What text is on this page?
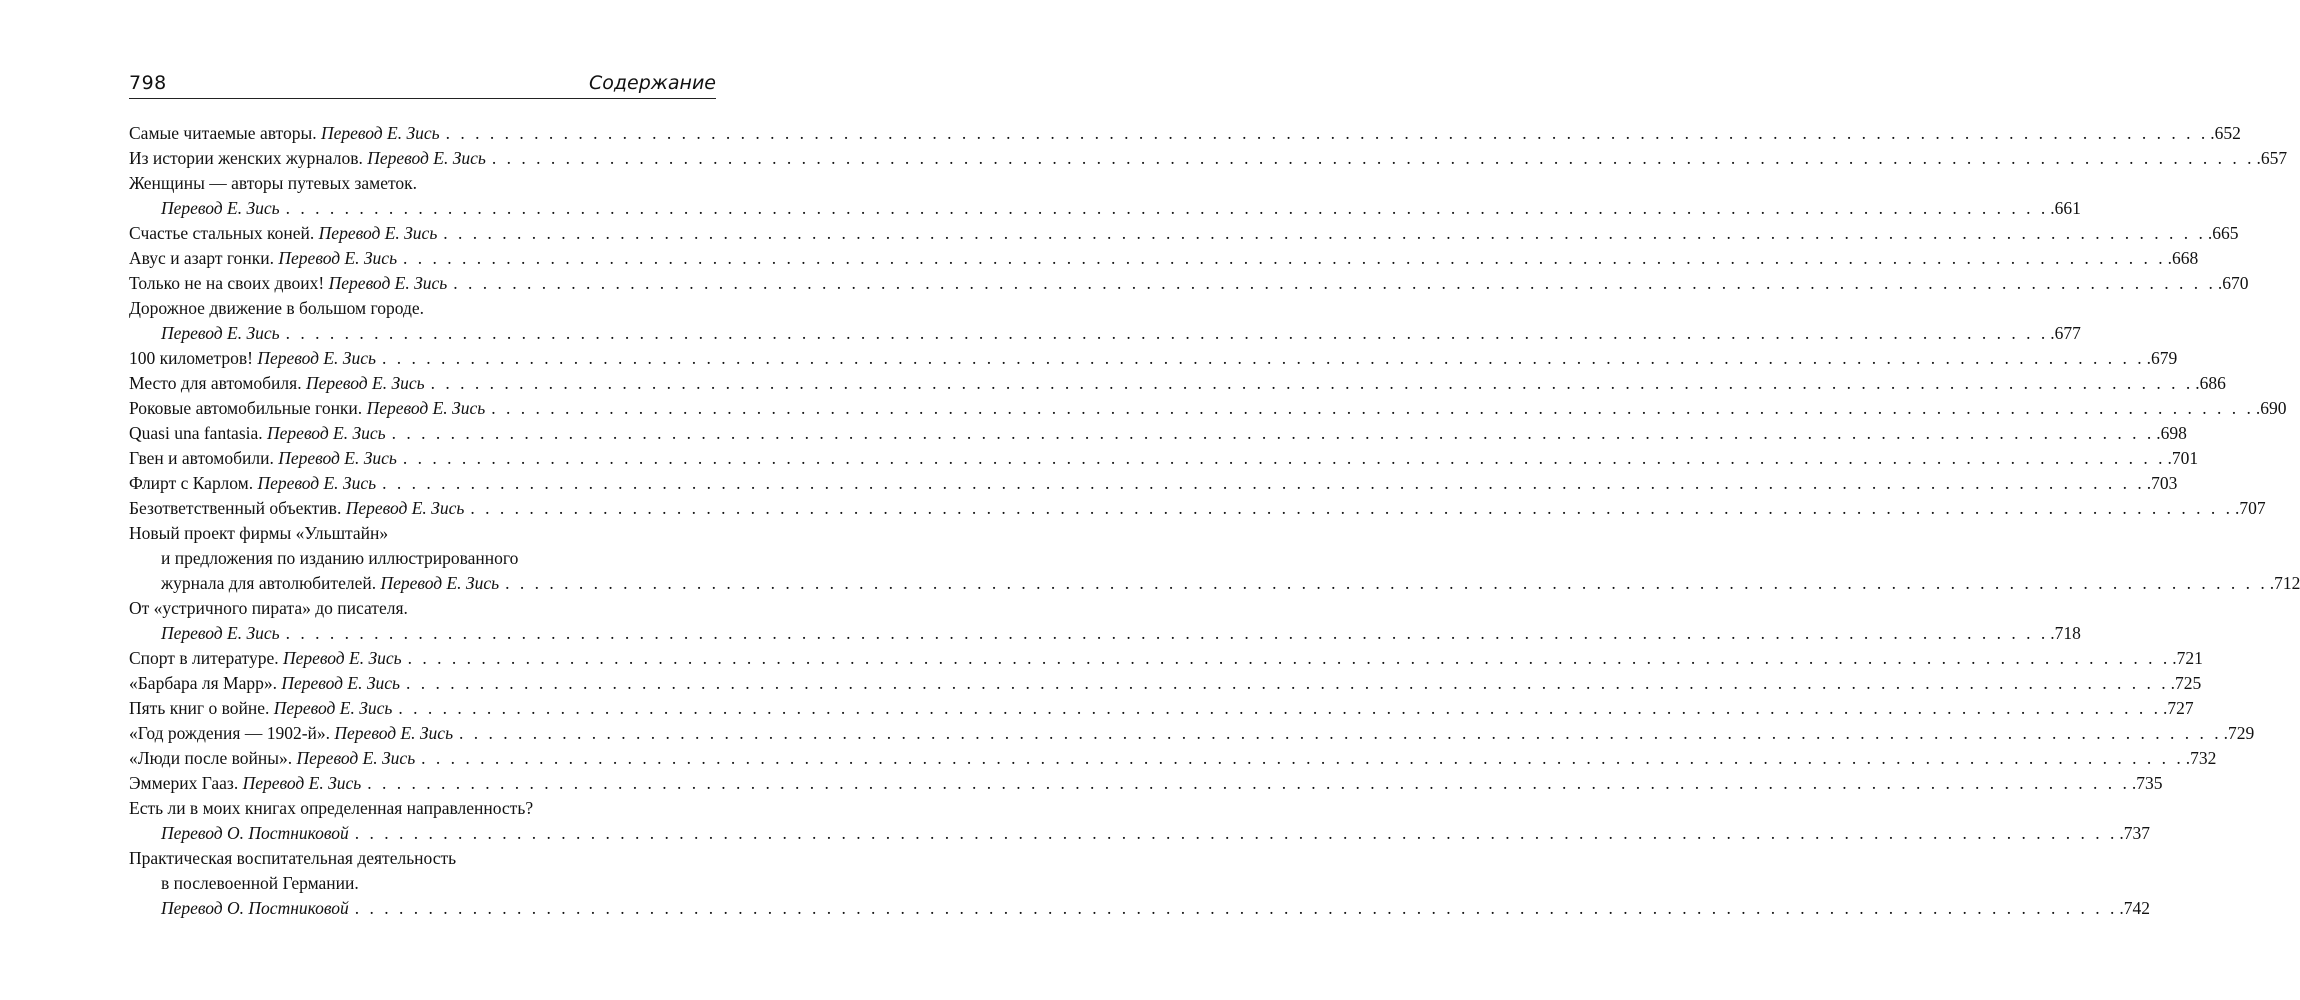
798	Содержание
Самые читаемые авторы. Перевод Е. Зись . . . . . . . . . . . . . . . . . . . . . . . . . . . . . . . . . . . . . . . . . . . . . . . . . . . . . . . . . . . . . . . . . . . . . . . . . . . . . . . . . . . . . . . . . . . . . . . . . . . . . . . . . . . . . . . . . . . . . . . . .652
Из истории женских журналов. Перевод Е. Зись . . . . . . . . . . . . . . . . . . . . . . . . . . . . . . . . . . . . . . . . . . . . . . . . . . . . . . . . . . . . . . . . . . . . . . . . . . . . . . . . . . . . . . . . . . . . . . . . . . . . . . . . . . . . . . . . . . . . . . . . .657
Женщины — авторы путевых заметок.
Перевод Е. Зись . . . . . . . . . . . . . . . . . . . . . . . . . . . . . . . . . . . . . . . . . . . . . . . . . . . . . . . . . . . . . . . . . . . . . . . . . . . . . . . . . . . . . . . . . . . . . . . . . . . . . . . . . . . . . . . . . . . . . . . . .661
Счастье стальных коней. Перевод Е. Зись . . . . . . . . . . . . . . . . . . . . . . . . . . . . . . . . . . . . . . . . . . . . . . . . . . . . . . . . . . . . . . . . . . . . . . . . . . . . . . . . . . . . . . . . . . . . . . . . . . . . . . . . . . . . . . . . . . . . . . . . .665
Авус и азарт гонки. Перевод Е. Зись . . . . . . . . . . . . . . . . . . . . . . . . . . . . . . . . . . . . . . . . . . . . . . . . . . . . . . . . . . . . . . . . . . . . . . . . . . . . . . . . . . . . . . . . . . . . . . . . . . . . . . . . . . . . . . . . . . . . . . . . .668
Только не на своих двоих! Перевод Е. Зись . . . . . . . . . . . . . . . . . . . . . . . . . . . . . . . . . . . . . . . . . . . . . . . . . . . . . . . . . . . . . . . . . . . . . . . . . . . . . . . . . . . . . . . . . . . . . . . . . . . . . . . . . . . . . . . . . . . . . . . . .670
Дорожное движение в большом городе.
Перевод Е. Зись . . . . . . . . . . . . . . . . . . . . . . . . . . . . . . . . . . . . . . . . . . . . . . . . . . . . . . . . . . . . . . . . . . . . . . . . . . . . . . . . . . . . . . . . . . . . . . . . . . . . . . . . . . . . . . . . . . . . . . . . .677
100 километров! Перевод Е. Зись . . . . . . . . . . . . . . . . . . . . . . . . . . . . . . . . . . . . . . . . . . . . . . . . . . . . . . . . . . . . . . . . . . . . . . . . . . . . . . . . . . . . . . . . . . . . . . . . . . . . . . . . . . . . . . . . . . . . . . . . .679
Место для автомобиля. Перевод Е. Зись . . . . . . . . . . . . . . . . . . . . . . . . . . . . . . . . . . . . . . . . . . . . . . . . . . . . . . . . . . . . . . . . . . . . . . . . . . . . . . . . . . . . . . . . . . . . . . . . . . . . . . . . . . . . . . . . . . . . . . . . .686
Роковые автомобильные гонки. Перевод Е. Зись . . . . . . . . . . . . . . . . . . . . . . . . . . . . . . . . . . . . . . . . . . . . . . . . . . . . . . . . . . . . . . . . . . . . . . . . . . . . . . . . . . . . . . . . . . . . . . . . . . . . . . . . . . . . . . . . . . . . . . . . .690
Quasi una fantasia. Перевод Е. Зись . . . . . . . . . . . . . . . . . . . . . . . . . . . . . . . . . . . . . . . . . . . . . . . . . . . . . . . . . . . . . . . . . . . . . . . . . . . . . . . . . . . . . . . . . . . . . . . . . . . . . . . . . . . . . . . . . . . . . . . . .698
Гвен и автомобили. Перевод Е. Зись . . . . . . . . . . . . . . . . . . . . . . . . . . . . . . . . . . . . . . . . . . . . . . . . . . . . . . . . . . . . . . . . . . . . . . . . . . . . . . . . . . . . . . . . . . . . . . . . . . . . . . . . . . . . . . . . . . . . . . . . .701
Флирт с Карлом. Перевод Е. Зись . . . . . . . . . . . . . . . . . . . . . . . . . . . . . . . . . . . . . . . . . . . . . . . . . . . . . . . . . . . . . . . . . . . . . . . . . . . . . . . . . . . . . . . . . . . . . . . . . . . . . . . . . . . . . . . . . . . . . . . . .703
Безответственный объектив. Перевод Е. Зись . . . . . . . . . . . . . . . . . . . . . . . . . . . . . . . . . . . . . . . . . . . . . . . . . . . . . . . . . . . . . . . . . . . . . . . . . . . . . . . . . . . . . . . . . . . . . . . . . . . . . . . . . . . . . . . . . . . . . . . . .707
Новый проект фирмы «Ульштайн»
и предложения по изданию иллюстрированного
журнала для автолюбителей. Перевод Е. Зись . . . . . . . . . . . . . . . . . . . . . . . . . . . . . . . . . . . . . . . . . . . . . . . . . . . . . . . . . . . . . . . . . . . . . . . . . . . . . . . . . . . . . . . . . . . . . . . . . . . . . . . . . . . . . . . . . . . . . . . . .712
От «устричного пирата» до писателя.
Перевод Е. Зись . . . . . . . . . . . . . . . . . . . . . . . . . . . . . . . . . . . . . . . . . . . . . . . . . . . . . . . . . . . . . . . . . . . . . . . . . . . . . . . . . . . . . . . . . . . . . . . . . . . . . . . . . . . . . . . . . . . . . . . . .718
Спорт в литературе. Перевод Е. Зись . . . . . . . . . . . . . . . . . . . . . . . . . . . . . . . . . . . . . . . . . . . . . . . . . . . . . . . . . . . . . . . . . . . . . . . . . . . . . . . . . . . . . . . . . . . . . . . . . . . . . . . . . . . . . . . . . . . . . . . . .721
«Барбара ля Марр». Перевод Е. Зись . . . . . . . . . . . . . . . . . . . . . . . . . . . . . . . . . . . . . . . . . . . . . . . . . . . . . . . . . . . . . . . . . . . . . . . . . . . . . . . . . . . . . . . . . . . . . . . . . . . . . . . . . . . . . . . . . . . . . . . . .725
Пять книг о войне. Перевод Е. Зись . . . . . . . . . . . . . . . . . . . . . . . . . . . . . . . . . . . . . . . . . . . . . . . . . . . . . . . . . . . . . . . . . . . . . . . . . . . . . . . . . . . . . . . . . . . . . . . . . . . . . . . . . . . . . . . . . . . . . . . . .727
«Год рождения — 1902-й». Перевод Е. Зись . . . . . . . . . . . . . . . . . . . . . . . . . . . . . . . . . . . . . . . . . . . . . . . . . . . . . . . . . . . . . . . . . . . . . . . . . . . . . . . . . . . . . . . . . . . . . . . . . . . . . . . . . . . . . . . . . . . . . . . . .729
«Люди после войны». Перевод Е. Зись . . . . . . . . . . . . . . . . . . . . . . . . . . . . . . . . . . . . . . . . . . . . . . . . . . . . . . . . . . . . . . . . . . . . . . . . . . . . . . . . . . . . . . . . . . . . . . . . . . . . . . . . . . . . . . . . . . . . . . . . .732
Эммерих Гааз. Перевод Е. Зись . . . . . . . . . . . . . . . . . . . . . . . . . . . . . . . . . . . . . . . . . . . . . . . . . . . . . . . . . . . . . . . . . . . . . . . . . . . . . . . . . . . . . . . . . . . . . . . . . . . . . . . . . . . . . . . . . . . . . . . . .735
Есть ли в моих книгах определенная направленность?
Перевод О. Постниковой . . . . . . . . . . . . . . . . . . . . . . . . . . . . . . . . . . . . . . . . . . . . . . . . . . . . . . . . . . . . . . . . . . . . . . . . . . . . . . . . . . . . . . . . . . . . . . . . . . . . . . . . . . . . . . . . . . . . . . . . .737
Практическая воспитательная деятельность
в послевоенной Германии.
Перевод О. Постниковой . . . . . . . . . . . . . . . . . . . . . . . . . . . . . . . . . . . . . . . . . . . . . . . . . . . . . . . . . . . . . . . . . . . . . . . . . . . . . . . . . . . . . . . . . . . . . . . . . . . . . . . . . . . . . . . . . . . . . . . . .742
